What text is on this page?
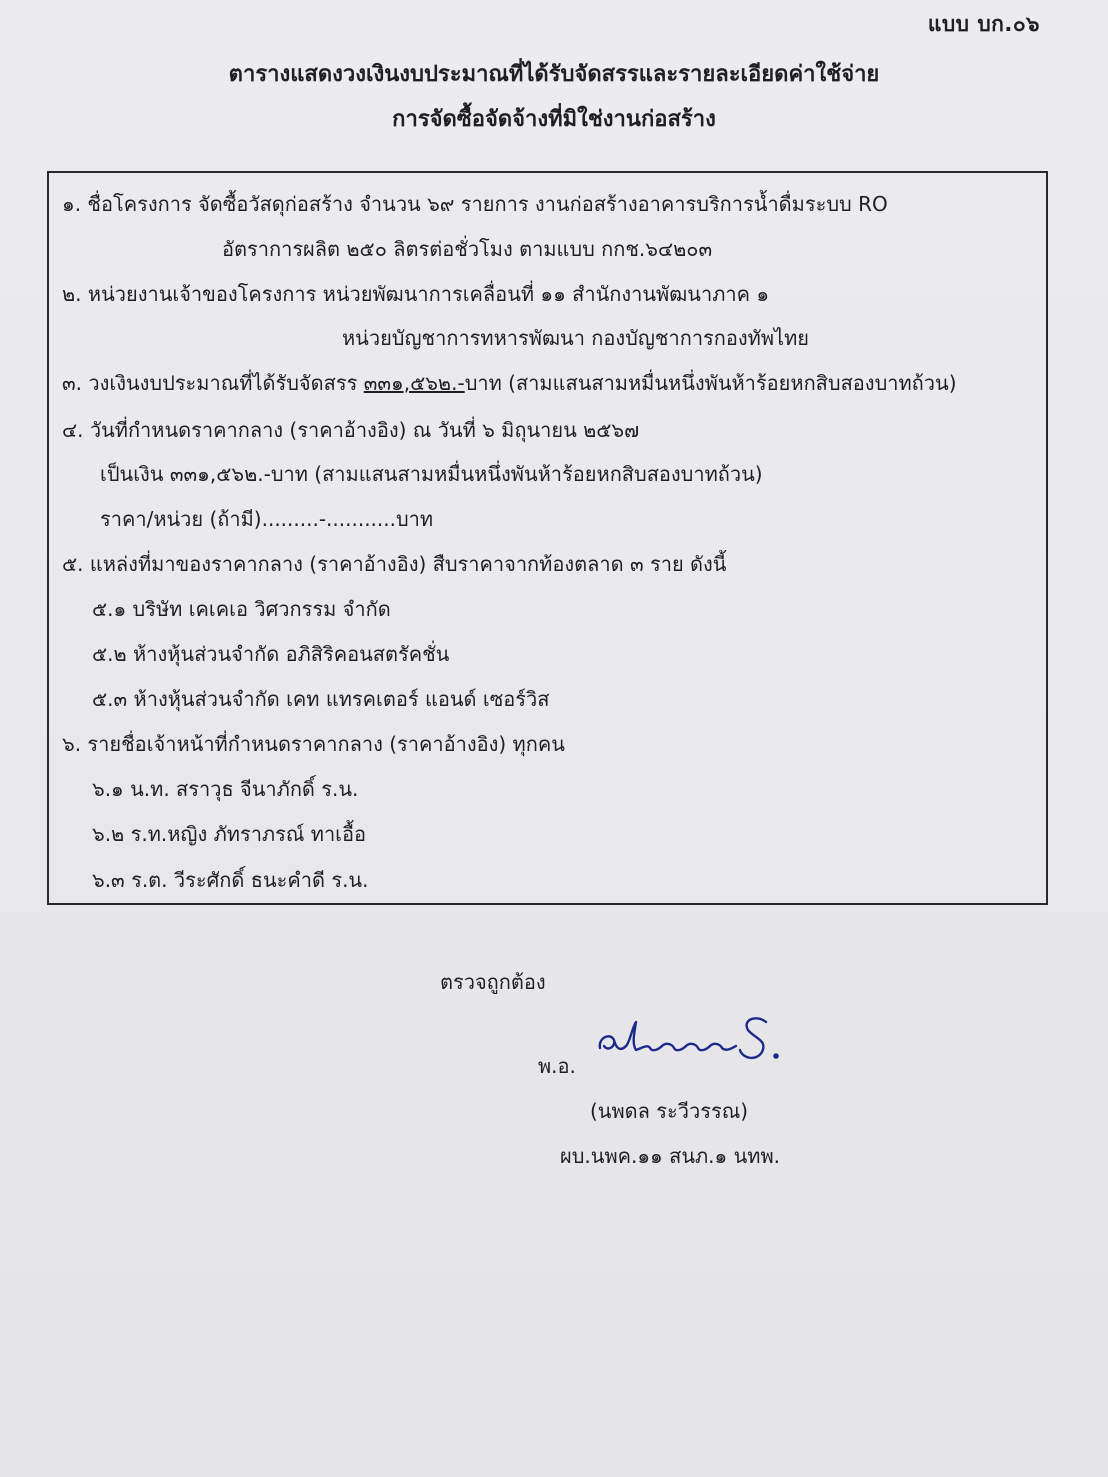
แบบ บก.๐๖
ตารางแสดงวงเงินงบประมาณที่ได้รับจัดสรรและรายละเอียดค่าใช้จ่าย
การจัดซื้อจัดจ้างที่มิใช่งานก่อสร้าง
๑. ชื่อโครงการ จัดซื้อวัสดุก่อสร้าง จำนวน ๖๙ รายการ งานก่อสร้างอาคารบริการน้ำดื่มระบบ RO
อัตราการผลิต ๒๕๐ ลิตรต่อชั่วโมง ตามแบบ กกช.๖๔๒๐๓
๒. หน่วยงานเจ้าของโครงการ หน่วยพัฒนาการเคลื่อนที่ ๑๑ สำนักงานพัฒนาภาค ๑
หน่วยบัญชาการทหารพัฒนา กองบัญชาการกองทัพไทย
๓. วงเงินงบประมาณที่ได้รับจัดสรร ๓๓๑,๕๖๒.-บาท (สามแสนสามหมื่นหนึ่งพันห้าร้อยหกสิบสองบาทถ้วน)
๔. วันที่กำหนดราคากลาง (ราคาอ้างอิง) ณ วันที่ ๖ มิถุนายน ๒๕๖๗
เป็นเงิน ๓๓๑,๕๖๒.-บาท (สามแสนสามหมื่นหนึ่งพันห้าร้อยหกสิบสองบาทถ้วน)
ราคา/หน่วย (ถ้ามี).........-...........บาท
๕. แหล่งที่มาของราคากลาง (ราคาอ้างอิง) สืบราคาจากท้องตลาด ๓ ราย ดังนี้
๕.๑ บริษัท เคเคเอ วิศวกรรม จำกัด
๕.๒ ห้างหุ้นส่วนจำกัด อภิสิริคอนสตรัคชั่น
๕.๓ ห้างหุ้นส่วนจำกัด เคท แทรคเตอร์ แอนด์ เซอร์วิส
๖. รายชื่อเจ้าหน้าที่กำหนดราคากลาง (ราคาอ้างอิง) ทุกคน
๖.๑ น.ท. สราวุธ จีนาภักดิ์ ร.น.
๖.๒ ร.ท.หญิง ภัทราภรณ์ ทาเอื้อ
๖.๓ ร.ต. วีระศักดิ์ ธนะคำดี ร.น.
ตรวจถูกต้อง
พ.อ.
(นพดล ระวีวรรณ)
ผบ.นพค.๑๑ สนภ.๑ นทพ.
